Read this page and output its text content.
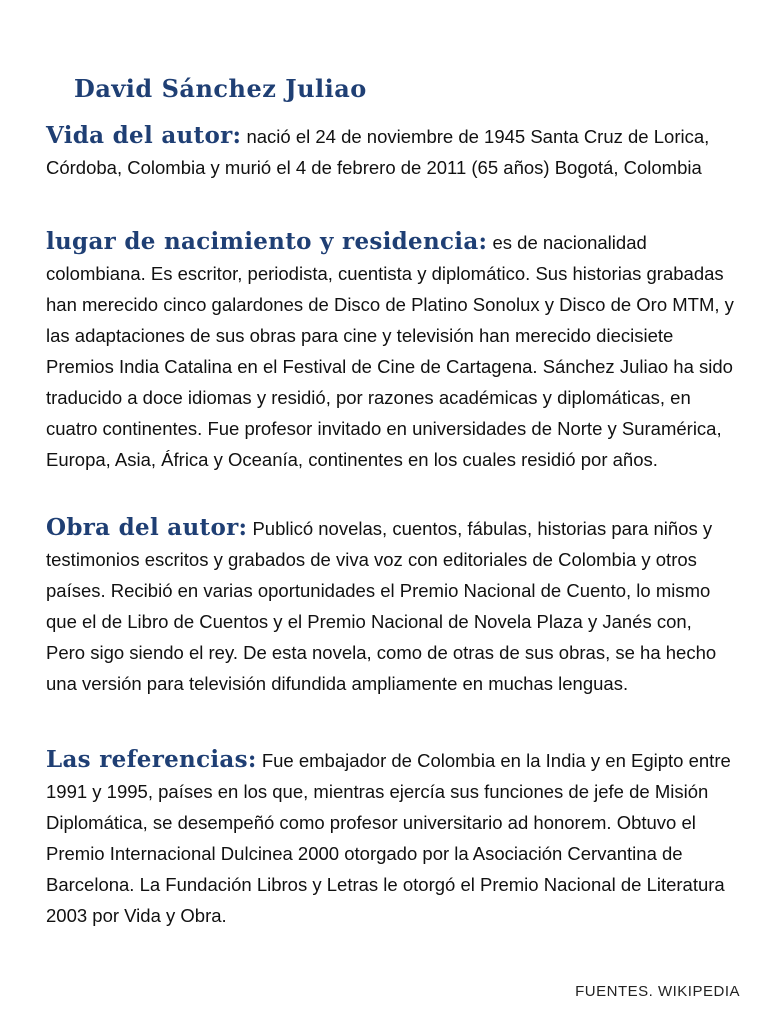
David Sánchez Juliao
Vida del autor: nació el 24 de noviembre de 1945 Santa Cruz de Lorica, Córdoba, Colombia y murió el 4 de febrero de 2011 (65 años) Bogotá, Colombia
lugar de nacimiento y residencia: es de nacionalidad colombiana. Es escritor, periodista, cuentista y diplomático. Sus historias grabadas han merecido cinco galardones de Disco de Platino Sonolux y Disco de Oro MTM, y las adaptaciones de sus obras para cine y televisión han merecido diecisiete Premios India Catalina en el Festival de Cine de Cartagena. Sánchez Juliao ha sido traducido a doce idiomas y residió, por razones académicas y diplomáticas, en cuatro continentes. Fue profesor invitado en universidades de Norte y Suramérica, Europa, Asia, África y Oceanía, continentes en los cuales residió por años.
Obra del autor: Publicó novelas, cuentos, fábulas, historias para niños y testimonios escritos y grabados de viva voz con editoriales de Colombia y otros países. Recibió en varias oportunidades el Premio Nacional de Cuento, lo mismo que el de Libro de Cuentos y el Premio Nacional de Novela Plaza y Janés con, Pero sigo siendo el rey. De esta novela, como de otras de sus obras, se ha hecho una versión para televisión difundida ampliamente en muchas lenguas.
Las referencias: Fue embajador de Colombia en la India y en Egipto entre 1991 y 1995, países en los que, mientras ejercía sus funciones de jefe de Misión Diplomática, se desempeñó como profesor universitario ad honorem. Obtuvo el Premio Internacional Dulcinea 2000 otorgado por la Asociación Cervantina de Barcelona. La Fundación Libros y Letras le otorgó el Premio Nacional de Literatura 2003 por Vida y Obra.
FUENTES. WIKIPEDIA
